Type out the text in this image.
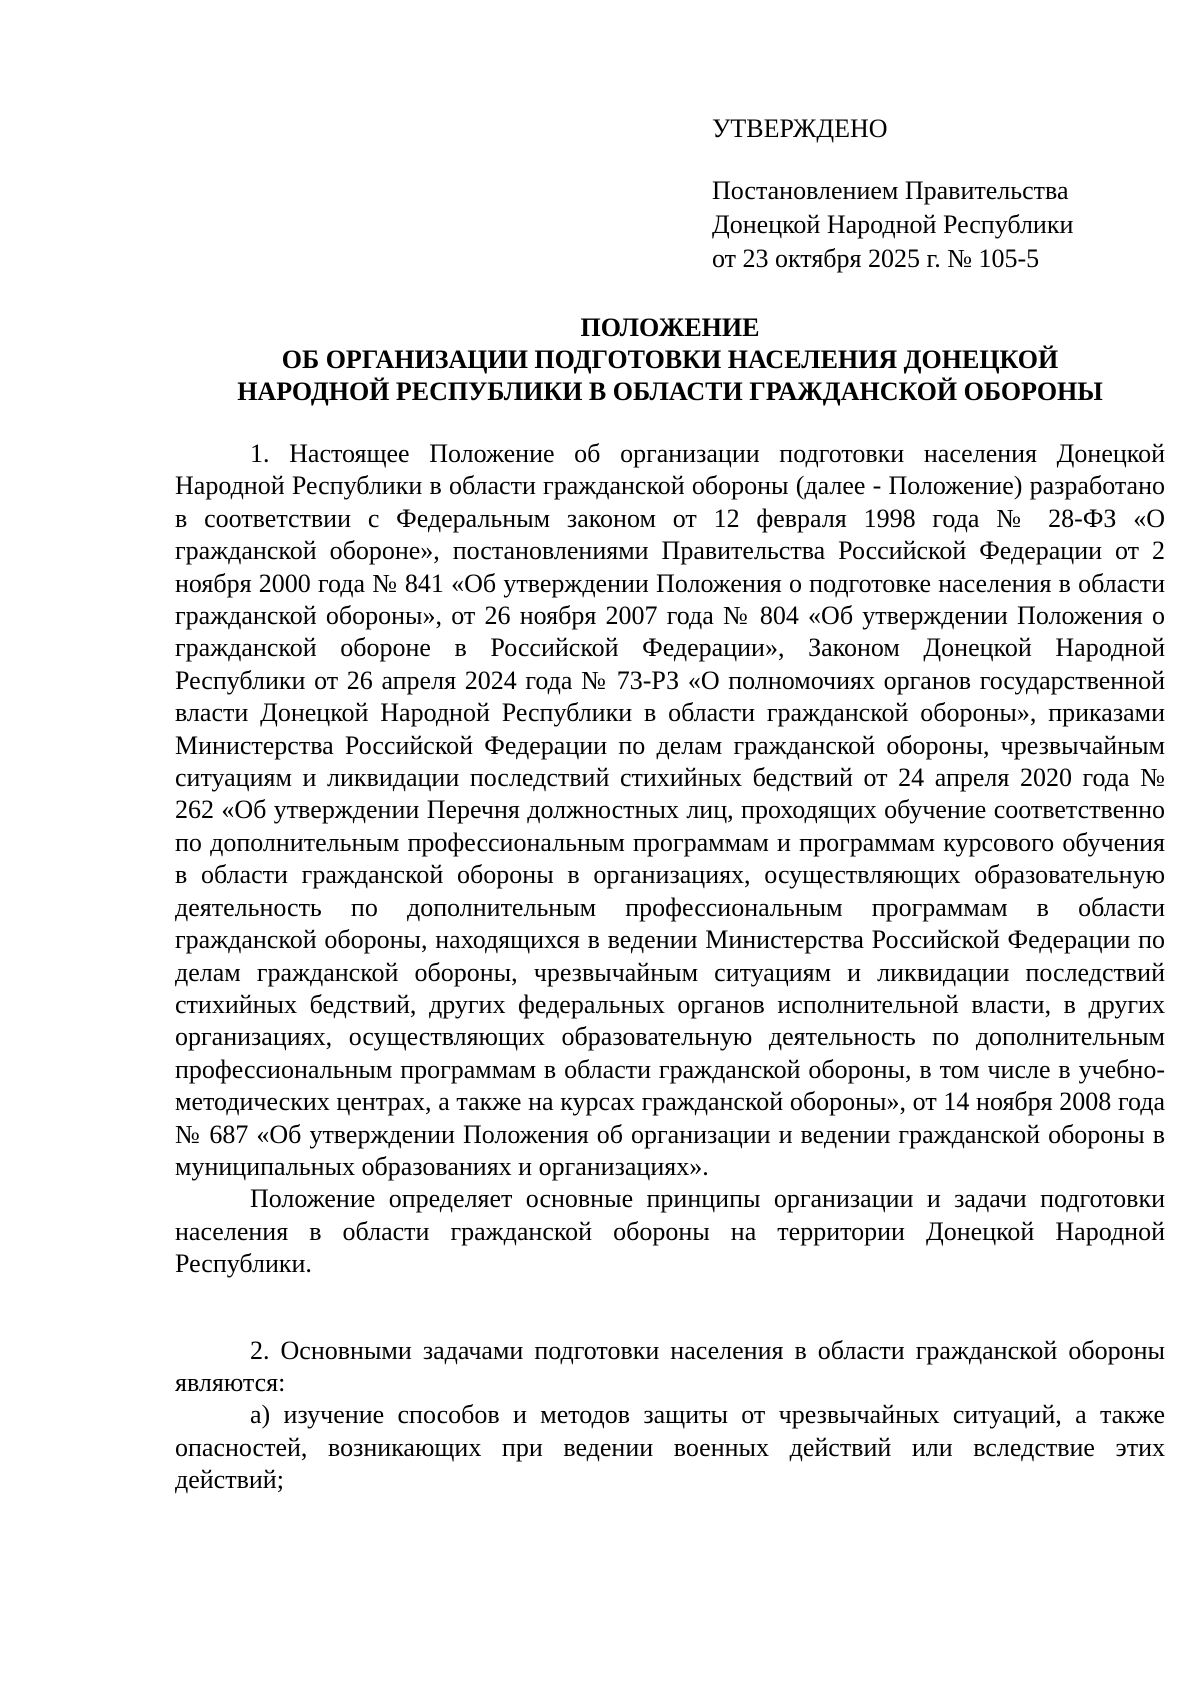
УТВЕРЖДЕНО
Постановлением Правительства
Донецкой Народной Республики
от 23 октября 2025 г. № 105-5
ПОЛОЖЕНИЕ
ОБ ОРГАНИЗАЦИИ ПОДГОТОВКИ НАСЕЛЕНИЯ ДОНЕЦКОЙ
НАРОДНОЙ РЕСПУБЛИКИ В ОБЛАСТИ ГРАЖДАНСКОЙ ОБОРОНЫ

1. Настоящее Положение об организации подготовки населения Донецкой Народной Республики в области гражданской обороны (далее - Положение) разработано в соответствии с Федеральным законом от 12 февраля 1998 года № 28-ФЗ «О гражданской обороне», постановлениями Правительства Российской Федерации от 2 ноября 2000 года № 841 «Об утверждении Положения о подготовке населения в области гражданской обороны», от 26 ноября 2007 года № 804 «Об утверждении Положения о гражданской обороне в Российской Федерации», Законом Донецкой Народной Республики от 26 апреля 2024 года № 73-РЗ «О полномочиях органов государственной власти Донецкой Народной Республики в области гражданской обороны», приказами Министерства Российской Федерации по делам гражданской обороны, чрезвычайным ситуациям и ликвидации последствий стихийных бедствий от 24 апреля 2020 года № 262 «Об утверждении Перечня должностных лиц, проходящих обучение соответственно по дополнительным профессиональным программам и программам курсового обучения в области гражданской обороны в организациях, осуществляющих образовательную деятельность по дополнительным профессиональным программам в области гражданской обороны, находящихся в ведении Министерства Российской Федерации по делам гражданской обороны, чрезвычайным ситуациям и ликвидации последствий стихийных бедствий, других федеральных органов исполнительной власти, в других организациях, осуществляющих образовательную деятельность по дополнительным профессиональным программам в области гражданской обороны, в том числе в учебно-методических центрах, а также на курсах гражданской обороны», от 14 ноября 2008 года № 687 «Об утверждении Положения об организации и ведении гражданской обороны в муниципальных образованиях и организациях».

Положение определяет основные принципы организации и задачи подготовки населения в области гражданской обороны на территории Донецкой Народной Республики.

2. Основными задачами подготовки населения в области гражданской обороны являются:

а) изучение способов и методов защиты от чрезвычайных ситуаций, а также опасностей, возникающих при ведении военных действий или вследствие этих действий;
